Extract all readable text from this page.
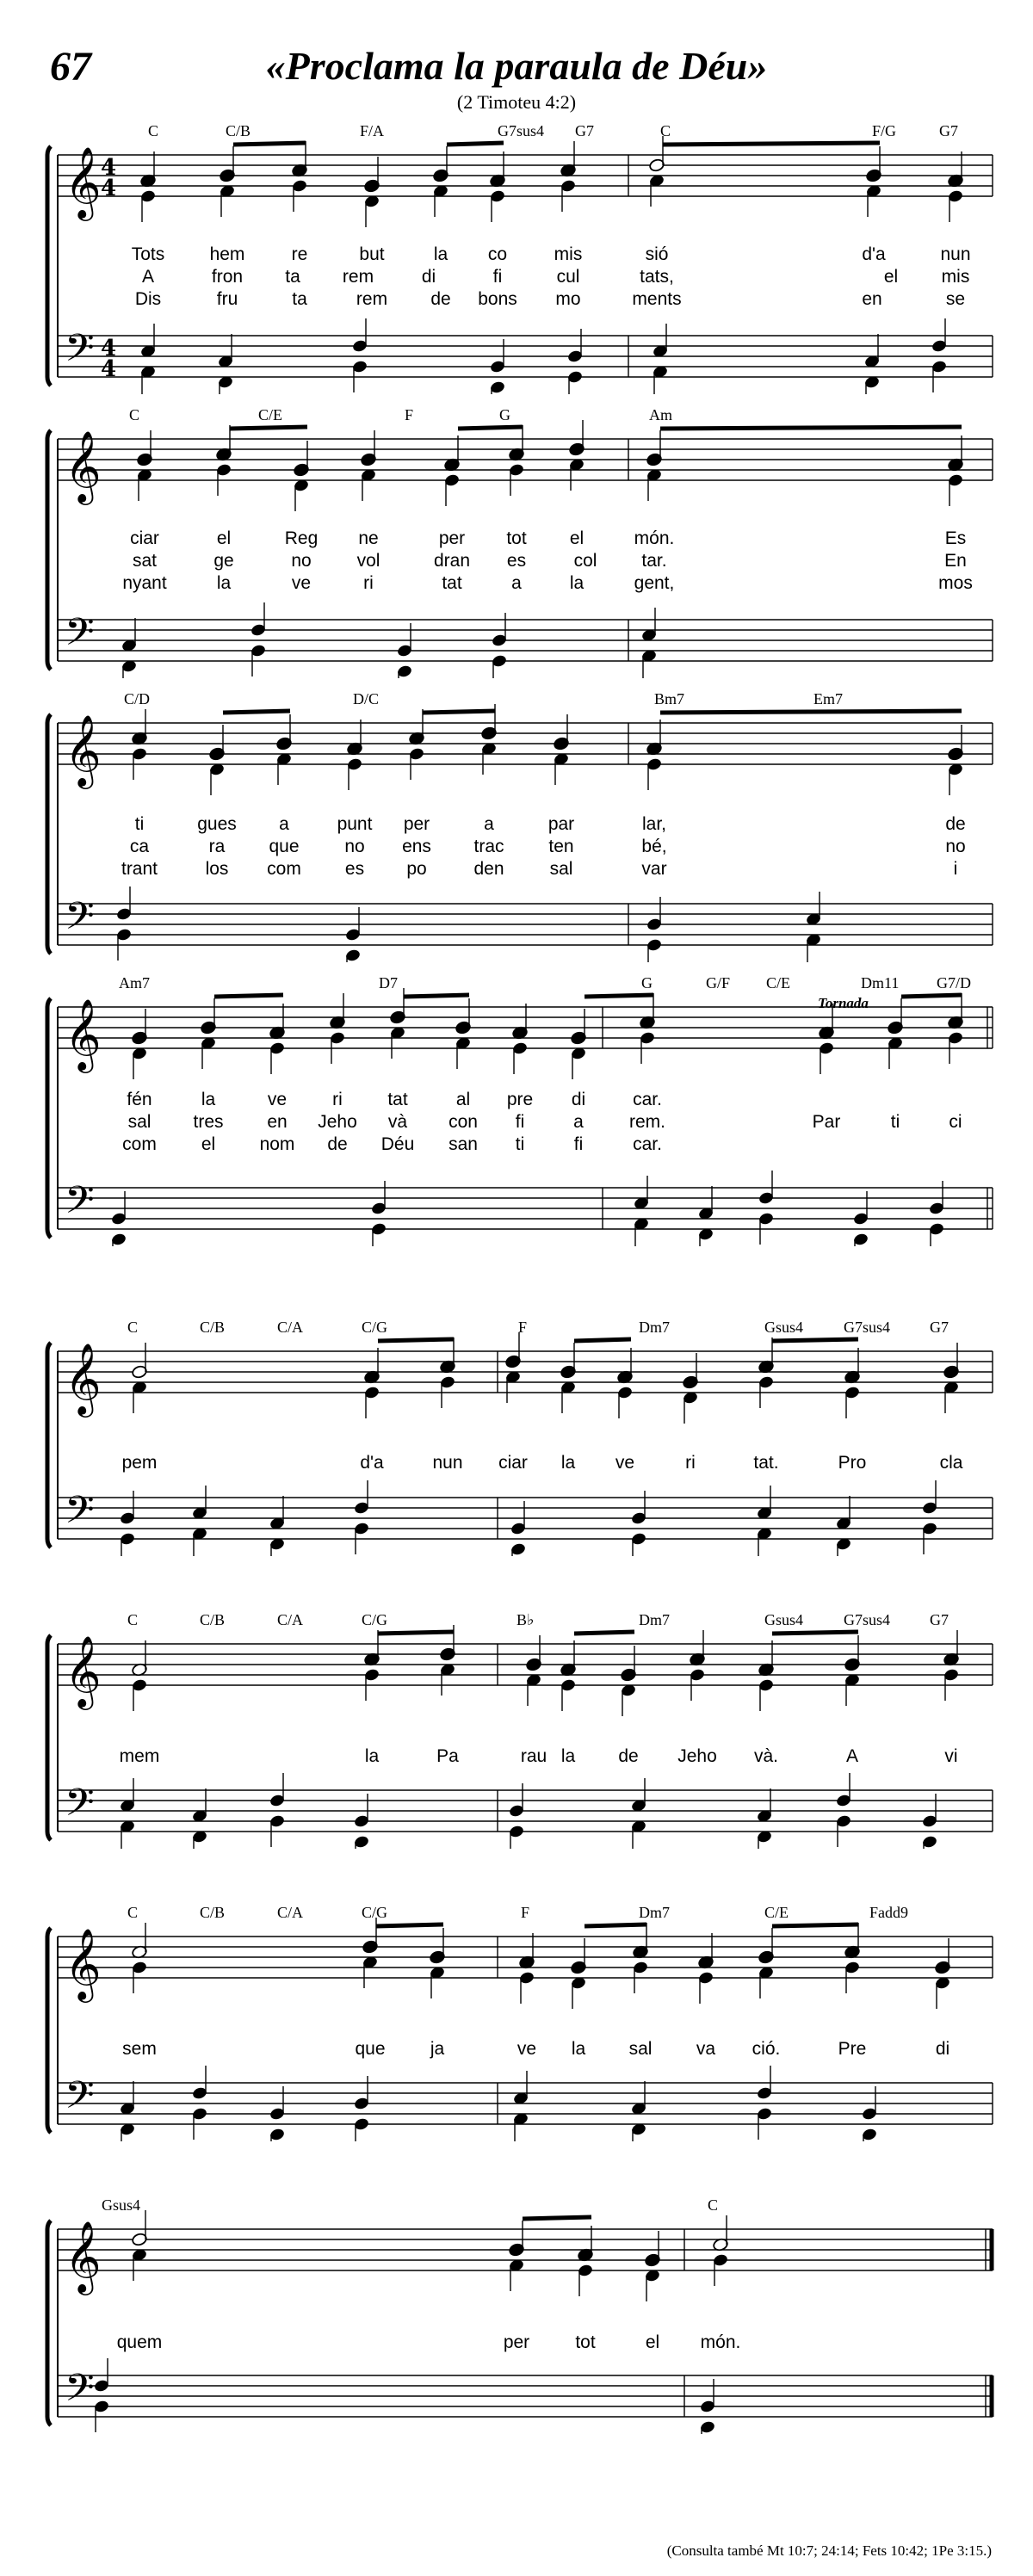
67	«Proclama la paraula de Déu»
(2 Timoteu 4:2)
𝄞
𝄢
4
4
4
4
C	C/B	F/A	G7sus4 G7	C	F/G	G7
Tots hem	re	but	la co	mis	sió	d'a	nun
A	fron ta rem	di	fi	cul	tats,	el mis
Dis	fru	ta	rem de bons mo	ments	en	se
𝄞
𝄢
C	C/E	F	G	Am
ciar	el	Reg ne	per tot el	món.	Es
sat	ge	no	vol	dran es	col tar.	En
nyant	la	ve	ri	tat	a	la	gent,	mos
𝄞
𝄢
C/D	D/C	Bm7	Em7
ti	gues a	punt per	a	par	lar,	de
ca	ra que	no ens trac ten	bé,	no
trant	los com es po	den	sal	var	i
𝄞
𝄢
Am7	D7	G	G/F C/E	Dm11 G7/D
Tornada
fén	la	ve	ri tat	al pre di	car.
sal tres en Jeho và con fi	a	rem.	Par	ti	ci
com el nom de Déu san ti	fi	car.
𝄞
𝄢
C	C/B	C/A	C/G	F	Dm7	Gsus4	G7sus4	G7
pem	d'a	nun ciar la ve	ri	tat.	Pro	cla
𝄞
𝄢
C	C/B	C/A	C/G	B♭	Dm7	Gsus4	G7sus4	G7
mem	la	Pa	rau la de Jeho và.	A	vi
𝄞
𝄢
C	C/B	C/A	C/G	F	Dm7	C/E	Fadd9
sem	que ja	ve la sal va ció.	Pre	di
𝄞
𝄢
Gsus4	C
quem	per	tot	el món.
(Consulta també Mt 10:7; 24:14; Fets 10:42; 1Pe 3:15.)
